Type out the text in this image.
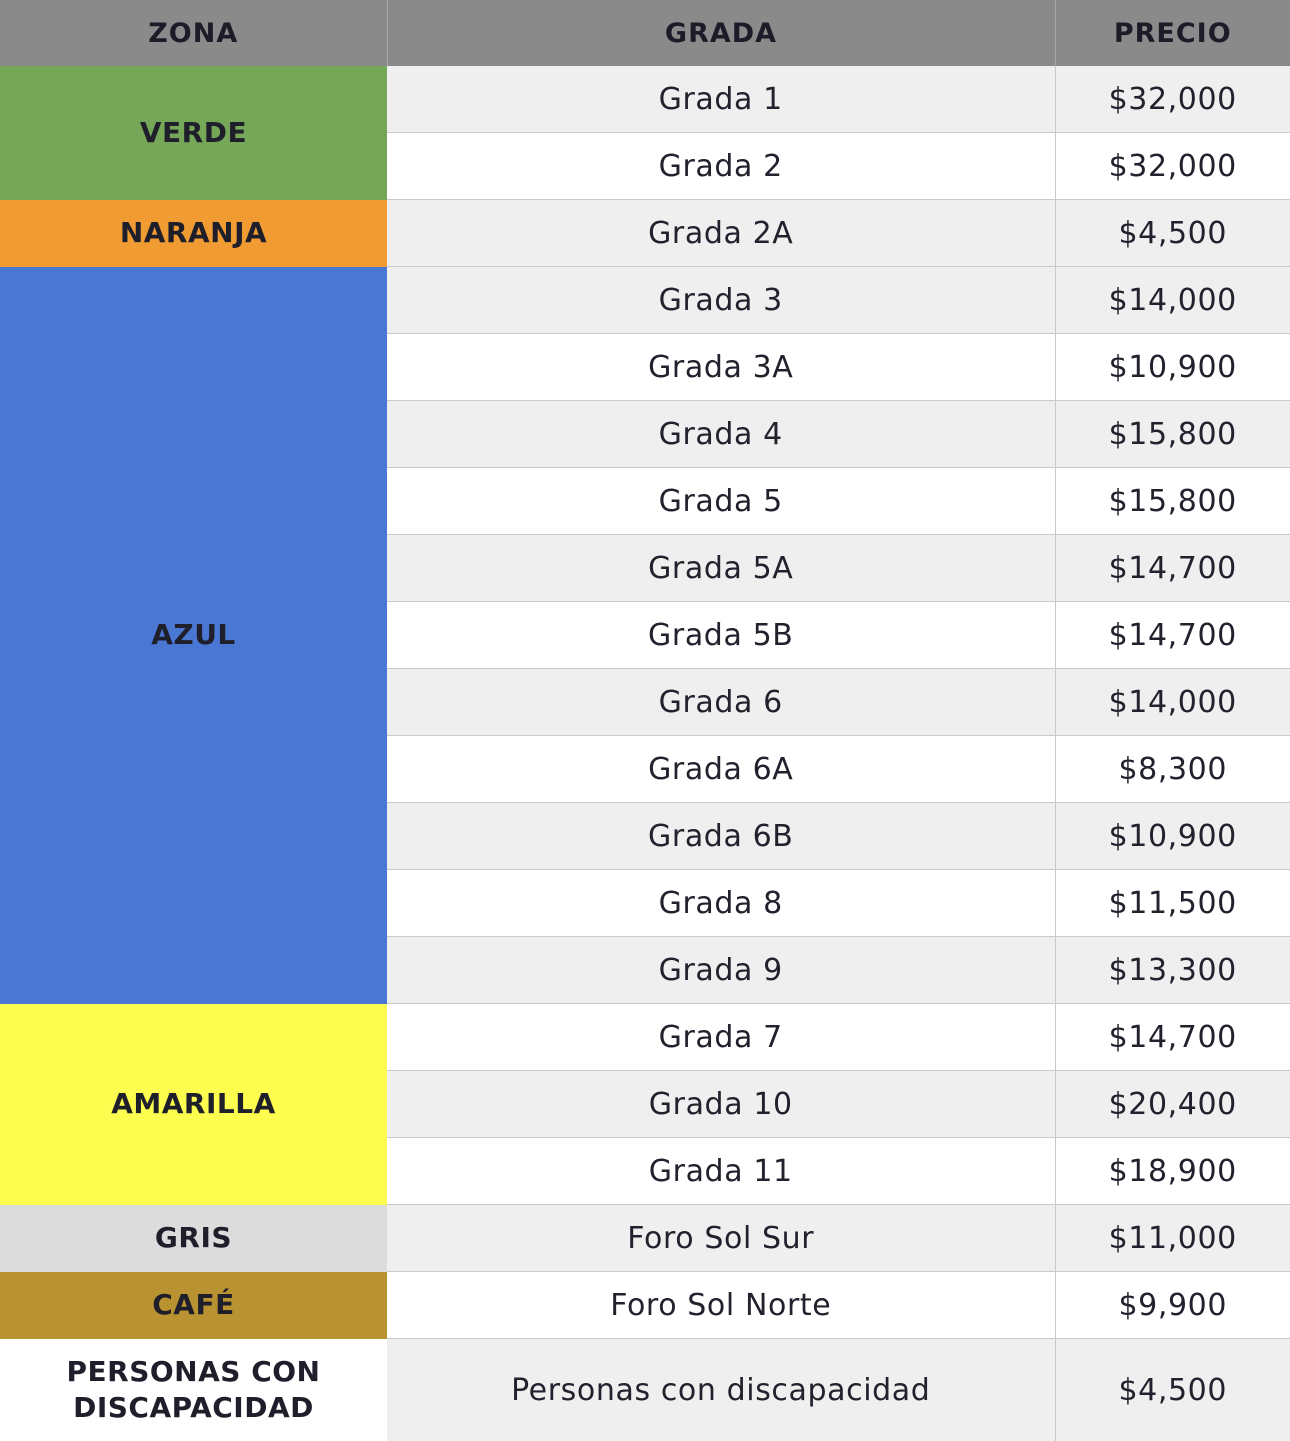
ZONA	GRADA	PRECIO
VERDE	Grada 1	$32,000
	Grada 2	$32,000
NARANJA	Grada 2A	$4,500
AZUL	Grada 3	$14,000
	Grada 3A	$10,900
	Grada 4	$15,800
	Grada 5	$15,800
	Grada 5A	$14,700
	Grada 5B	$14,700
	Grada 6	$14,000
	Grada 6A	$8,300
	Grada 6B	$10,900
	Grada 8	$11,500
	Grada 9	$13,300
AMARILLA	Grada 7	$14,700
	Grada 10	$20,400
	Grada 11	$18,900
GRIS	Foro Sol Sur	$11,000
CAFÉ	Foro Sol Norte	$9,900
PERSONAS CON DISCAPACIDAD	Personas con discapacidad	$4,500
